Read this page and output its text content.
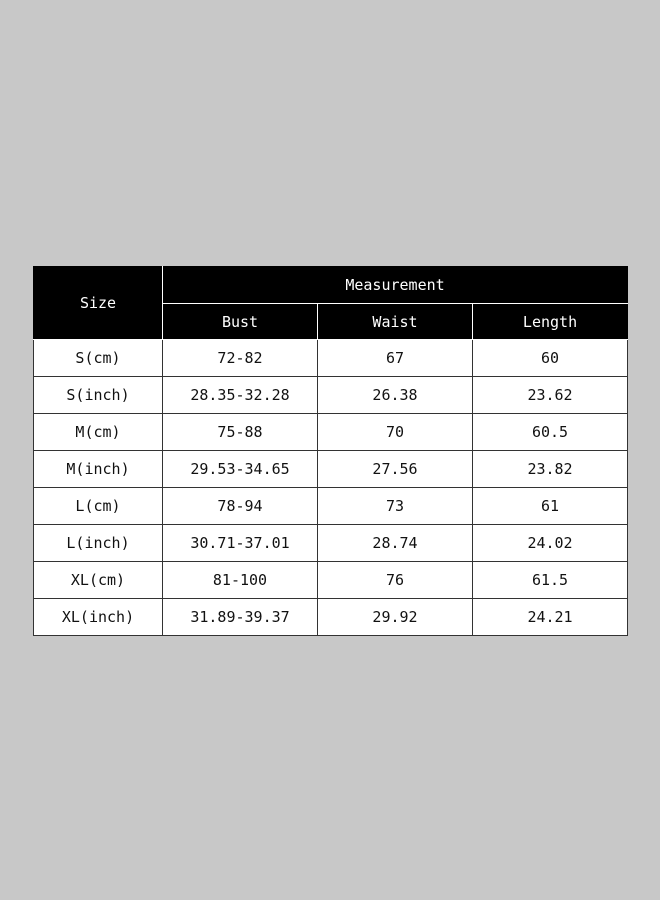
Size	Measurement		
	Bust	Waist	Length
S(cm)	72-82	67	60
S(inch)	28.35-32.28	26.38	23.62
M(cm)	75-88	70	60.5
M(inch)	29.53-34.65	27.56	23.82
L(cm)	78-94	73	61
L(inch)	30.71-37.01	28.74	24.02
XL(cm)	81-100	76	61.5
XL(inch)	31.89-39.37	29.92	24.21
